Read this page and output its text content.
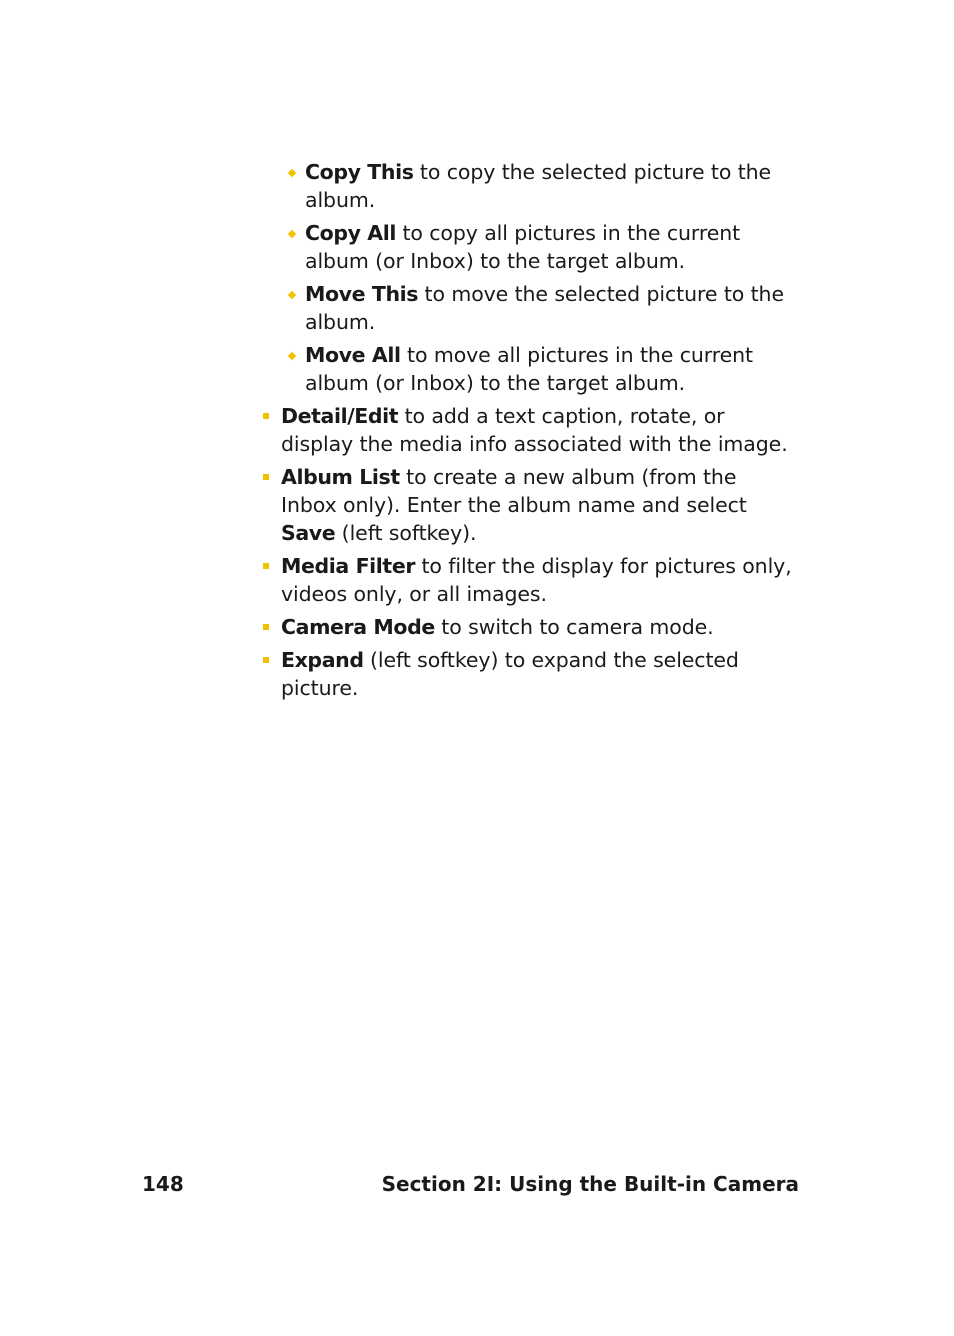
Copy This to copy the selected picture to the album.
Copy All to copy all pictures in the current album (or Inbox) to the target album.
Move This to move the selected picture to the album.
Move All to move all pictures in the current album (or Inbox) to the target album.
Detail/Edit to add a text caption, rotate, or display the media info associated with the image.
Album List to create a new album (from the Inbox only). Enter the album name and select Save (left softkey).
Media Filter to filter the display for pictures only, videos only, or all images.
Camera Mode to switch to camera mode.
Expand (left softkey) to expand the selected picture.
148	Section 2I: Using the Built-in Camera
